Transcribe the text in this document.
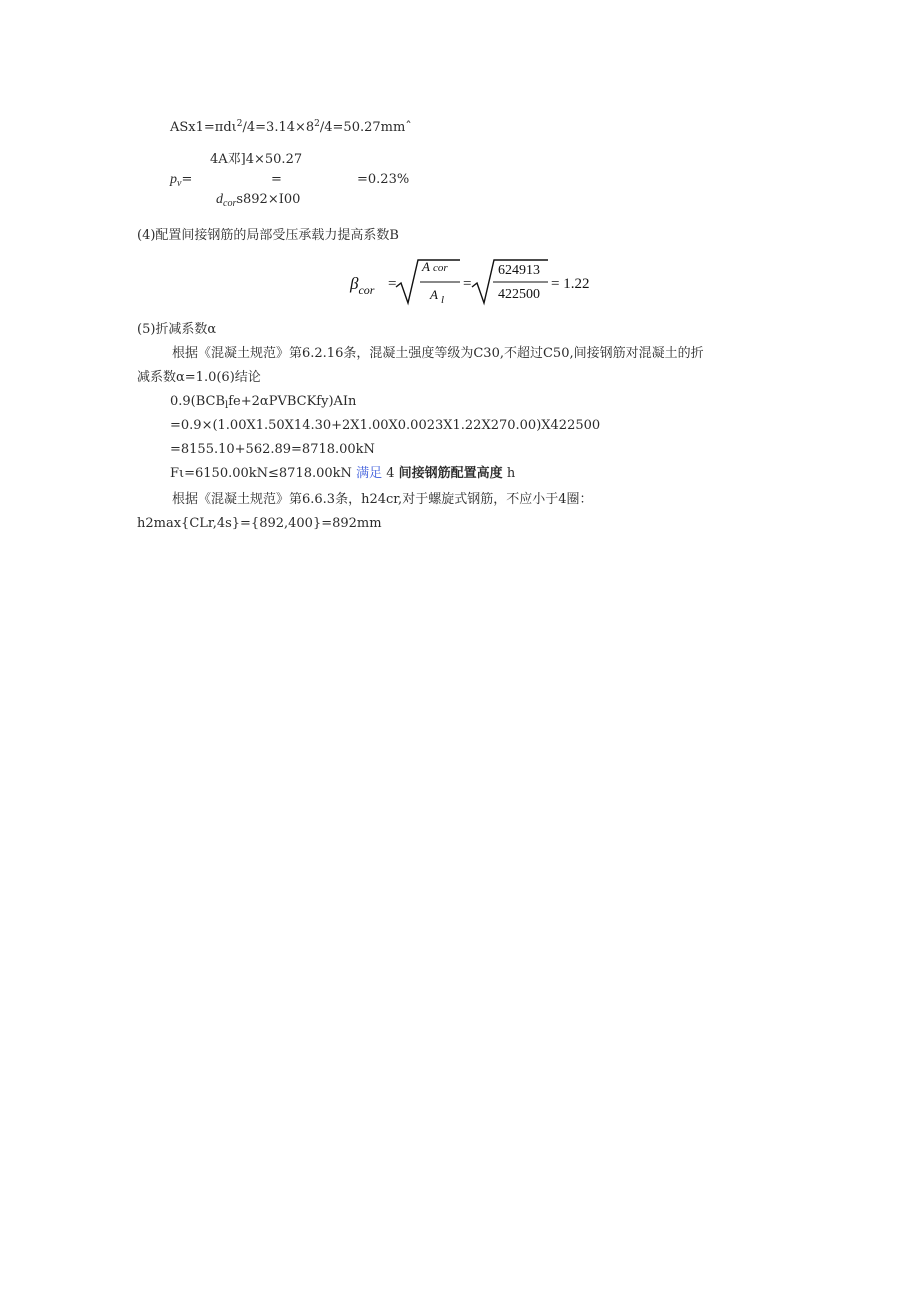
$ASx1=\pi d\iota^2/4=3.14\times 8^2/4=50.27mmˆ$
4A邓]4×50.27
$p_v=$	=	=0.23%
$d_{cor}s892\times I00$
(4)配置间接钢筋的局部受压承载力提高系数B
$\beta_{cor}$ =
A cor
A $_l$
=
624913
422500
= 1.22
(5)折减系数α
根据《混凝土规范》第6.2.16条，混凝土强度等级为C30,不超过C50,间接钢筋对混凝土的折
减系数α=1.0(6)结论
$0.9(BCB_lfe+2\alpha PVBCKfy)AIn$
=0.9×(1.00X1.50X14.30+2X1.00X0.0023X1.22X270.00)X422500
=8155.10+562.89=8718.00kN
Fι=6150.00kN≤8718.00kN 满足 4 间接钢筋配置高度 h
根据《混凝土规范》第6.6.3条，h24cr,对于螺旋式钢筋，不应小于4圈：
h2max{CLr,4s}={892,400}=892mm
